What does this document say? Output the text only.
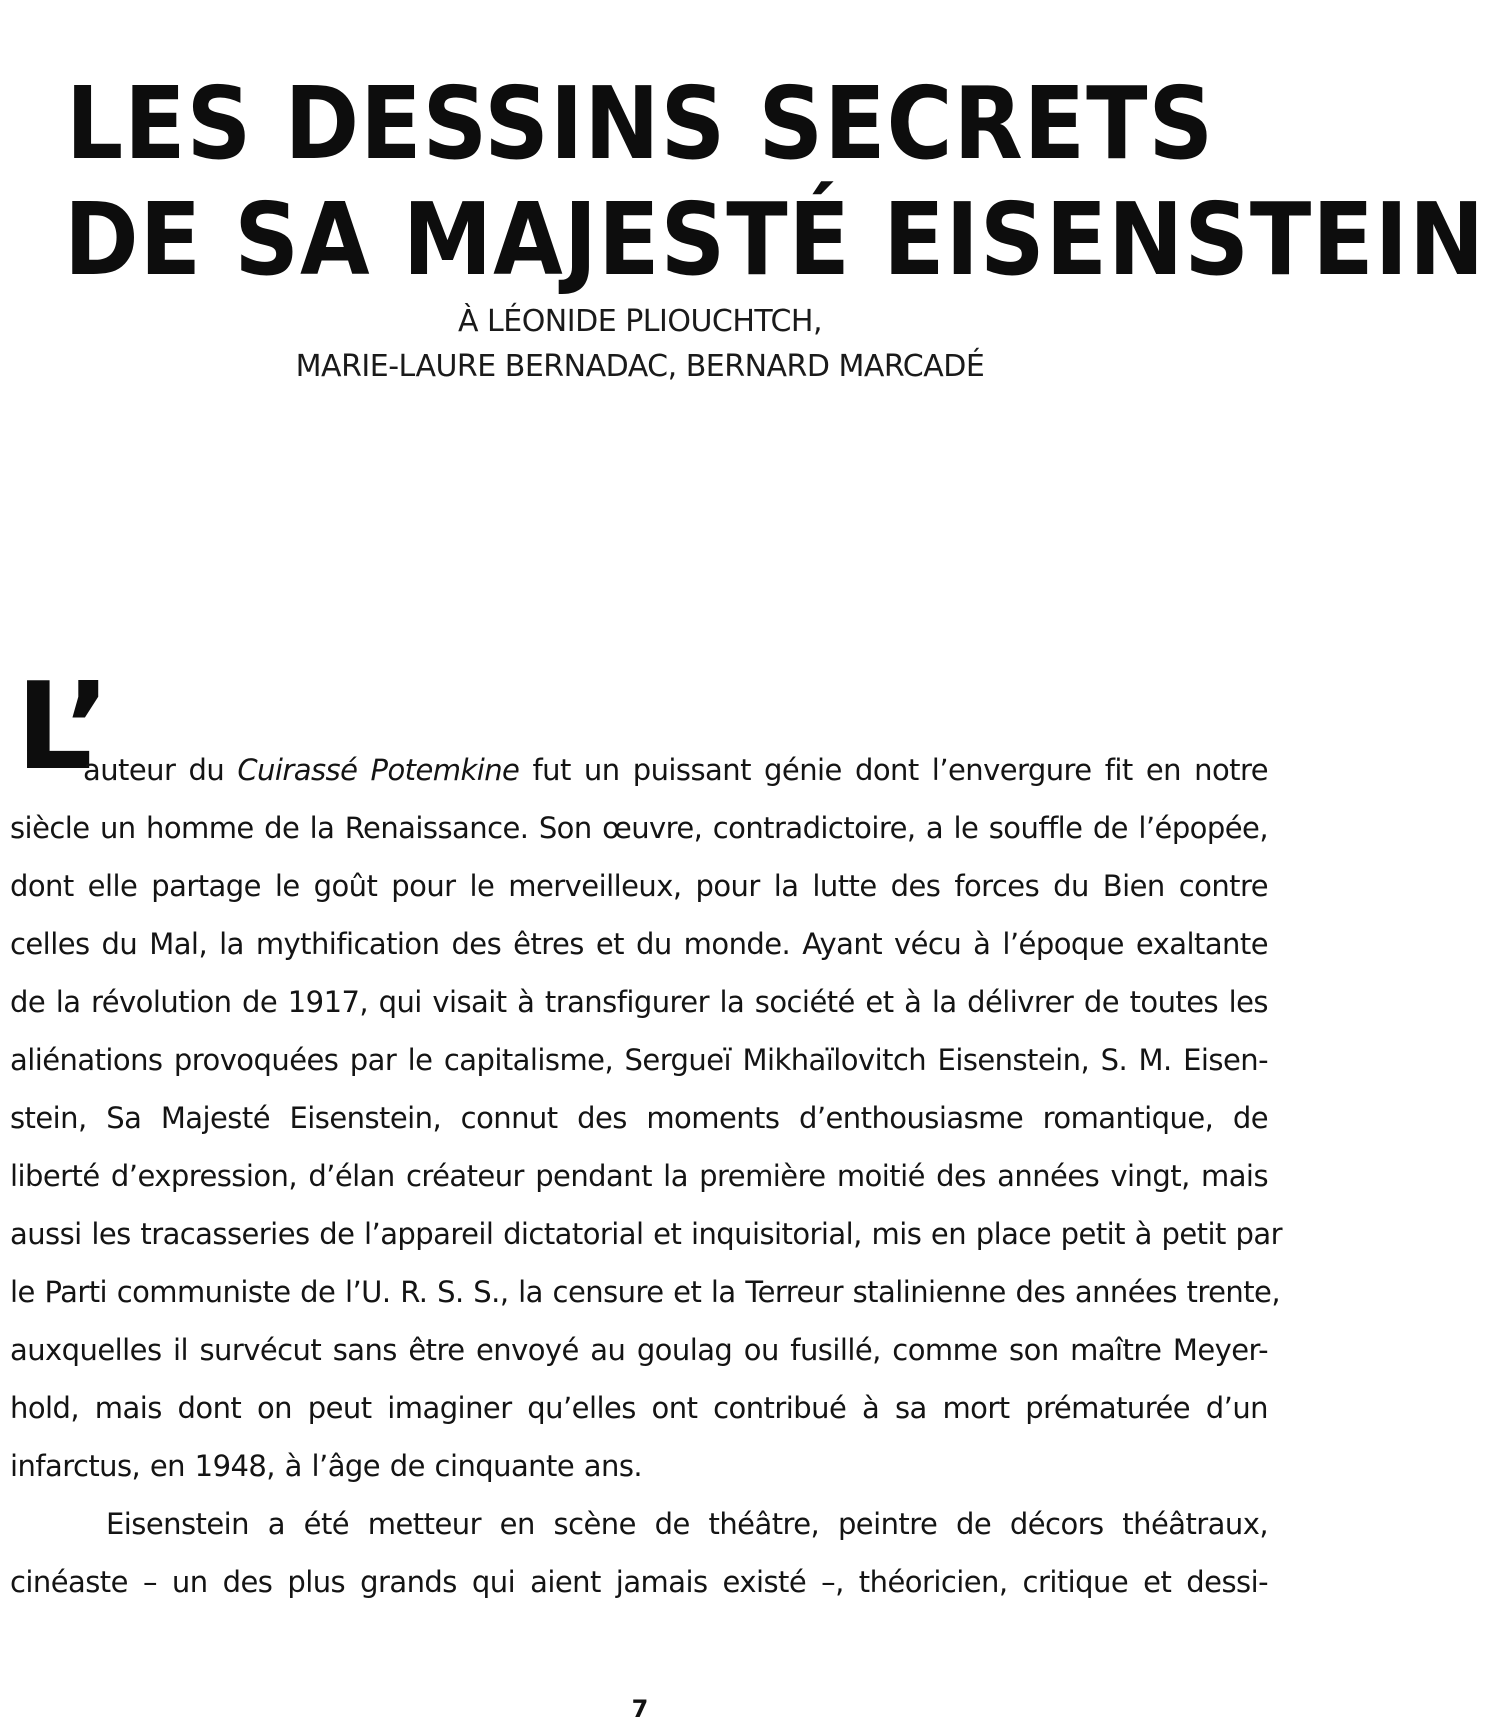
LES DESSINS SECRETS
DE SA MAJESTÉ EISENSTEIN
À LÉONIDE PLIOUCHTCH,
MARIE-LAURE BERNADAC, BERNARD MARCADÉ
L’
auteur du Cuirassé Potemkine fut un puissant génie dont l’envergure fit en notre
siècle un homme de la Renaissance. Son œuvre, contradictoire, a le souffle de l’épopée,
dont elle partage le goût pour le merveilleux, pour la lutte des forces du Bien contre
celles du Mal, la mythification des êtres et du monde. Ayant vécu à l’époque exaltante
de la révolution de 1917, qui visait à transfigurer la société et à la délivrer de toutes les
aliénations provoquées par le capitalisme, Sergueï Mikhaïlovitch Eisenstein, S. M. Eisen-
stein, Sa Majesté Eisenstein, connut des moments d’enthousiasme romantique, de
liberté d’expression, d’élan créateur pendant la première moitié des années vingt, mais
aussi les tracasseries de l’appareil dictatorial et inquisitorial, mis en place petit à petit par
le Parti communiste de l’U. R. S. S., la censure et la Terreur stalinienne des années trente,
auxquelles il survécut sans être envoyé au goulag ou fusillé, comme son maître Meyer-
hold, mais dont on peut imaginer qu’elles ont contribué à sa mort prématurée d’un
infarctus, en 1948, à l’âge de cinquante ans.
Eisenstein a été metteur en scène de théâtre, peintre de décors théâtraux,
cinéaste – un des plus grands qui aient jamais existé –, théoricien, critique et dessi-
7
